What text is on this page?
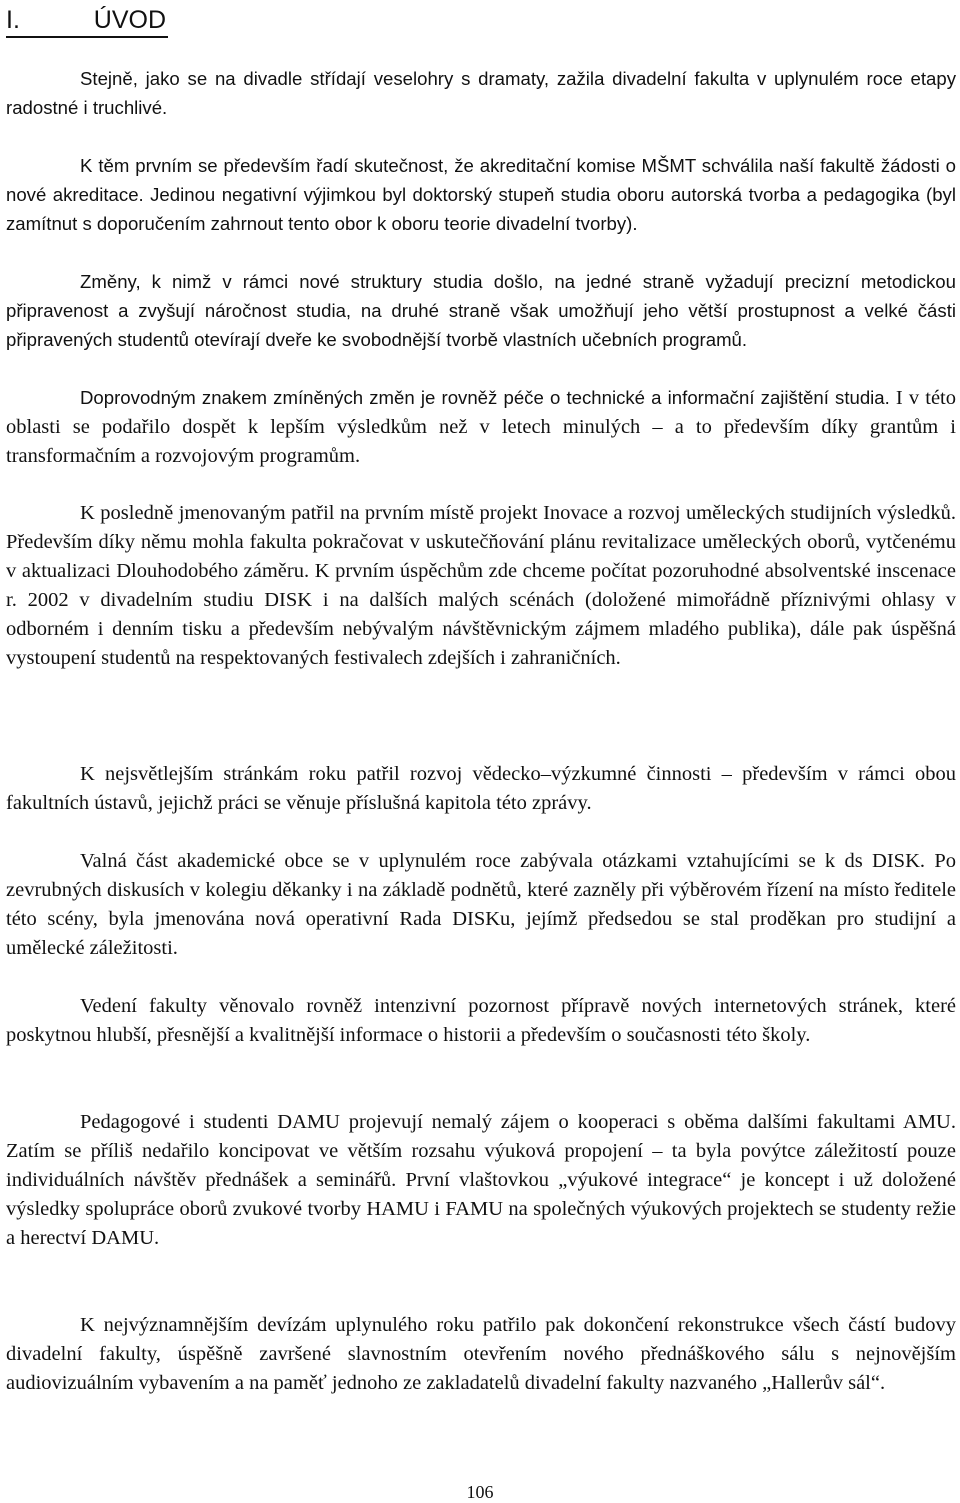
I.	ÚVOD

Stejně, jako se na divadle střídají veselohry s dramaty, zažila divadelní fakulta v uplynulém roce etapy radostné i truchlivé.

K těm prvním se především řadí skutečnost, že akreditační komise MŠMT schválila naší fakultě žádosti o nové akreditace. Jedinou negativní výjimkou byl doktorský stupeň studia oboru autorská tvorba a pedagogika (byl zamítnut s doporučením zahrnout tento obor k oboru teorie divadelní tvorby).

Změny, k nimž v rámci nové struktury studia došlo, na jedné straně vyžadují precizní metodickou připravenost a zvyšují náročnost studia, na druhé straně však umožňují jeho větší prostupnost a velké části připravených studentů otevírají dveře ke svobodnější tvorbě vlastních učebních programů.

Doprovodným znakem zmíněných změn je rovněž péče o technické a informační zajištění studia. I v této oblasti se podařilo dospět k lepším výsledkům než v letech minulých – a to především díky grantům i transformačním a rozvojovým programům.

K posledně jmenovaným patřil na prvním místě projekt Inovace a rozvoj uměleckých studijních výsledků. Především díky němu mohla fakulta pokračovat v uskutečňování plánu revitalizace uměleckých oborů, vytčenému v aktualizaci Dlouhodobého záměru. K prvním úspěchům zde chceme počítat pozoruhodné absolventské inscenace r. 2002 v divadelním studiu DISK i na dalších malých scénách (doložené mimořádně příznivými ohlasy v odborném i denním tisku a především nebývalým návštěvnickým zájmem mladého publika), dále pak úspěšná vystoupení studentů na respektovaných festivalech zdejších i zahraničních.

K nejsvětlejším stránkám roku patřil rozvoj vědecko–výzkumné činnosti – především v rámci obou fakultních ústavů, jejichž práci se věnuje příslušná kapitola této zprávy.

Valná část akademické obce se v uplynulém roce zabývala otázkami vztahujícími se k ds DISK. Po zevrubných diskusích v kolegiu děkanky i na základě podnětů, které zazněly při výběrovém řízení na místo ředitele této scény, byla jmenována nová operativní Rada DISKu, jejímž předsedou se stal proděkan pro studijní a umělecké záležitosti.

Vedení fakulty věnovalo rovněž intenzivní pozornost přípravě nových internetových stránek, které poskytnou hlubší, přesnější a kvalitnější informace o historii a především o současnosti této školy.

Pedagogové i studenti DAMU projevují nemalý zájem o kooperaci s oběma dalšími fakultami AMU. Zatím se příliš nedařilo koncipovat ve větším rozsahu výuková propojení – ta byla povýtce záležitostí pouze individuálních návštěv přednášek a seminářů. První vlaštovkou „výukové integrace“ je koncept i už doložené výsledky spolupráce oborů zvukové tvorby HAMU i FAMU na společných výukových projektech se studenty režie a herectví DAMU.

K nejvýznamnějším devízám uplynulého roku patřilo pak dokončení rekonstrukce všech částí budovy divadelní fakulty, úspěšně završené slavnostním otevřením nového přednáškového sálu s nejnovějším audiovizuálním vybavením a na paměť jednoho ze zakladatelů divadelní fakulty nazvaného „Hallerův sál“.

106
